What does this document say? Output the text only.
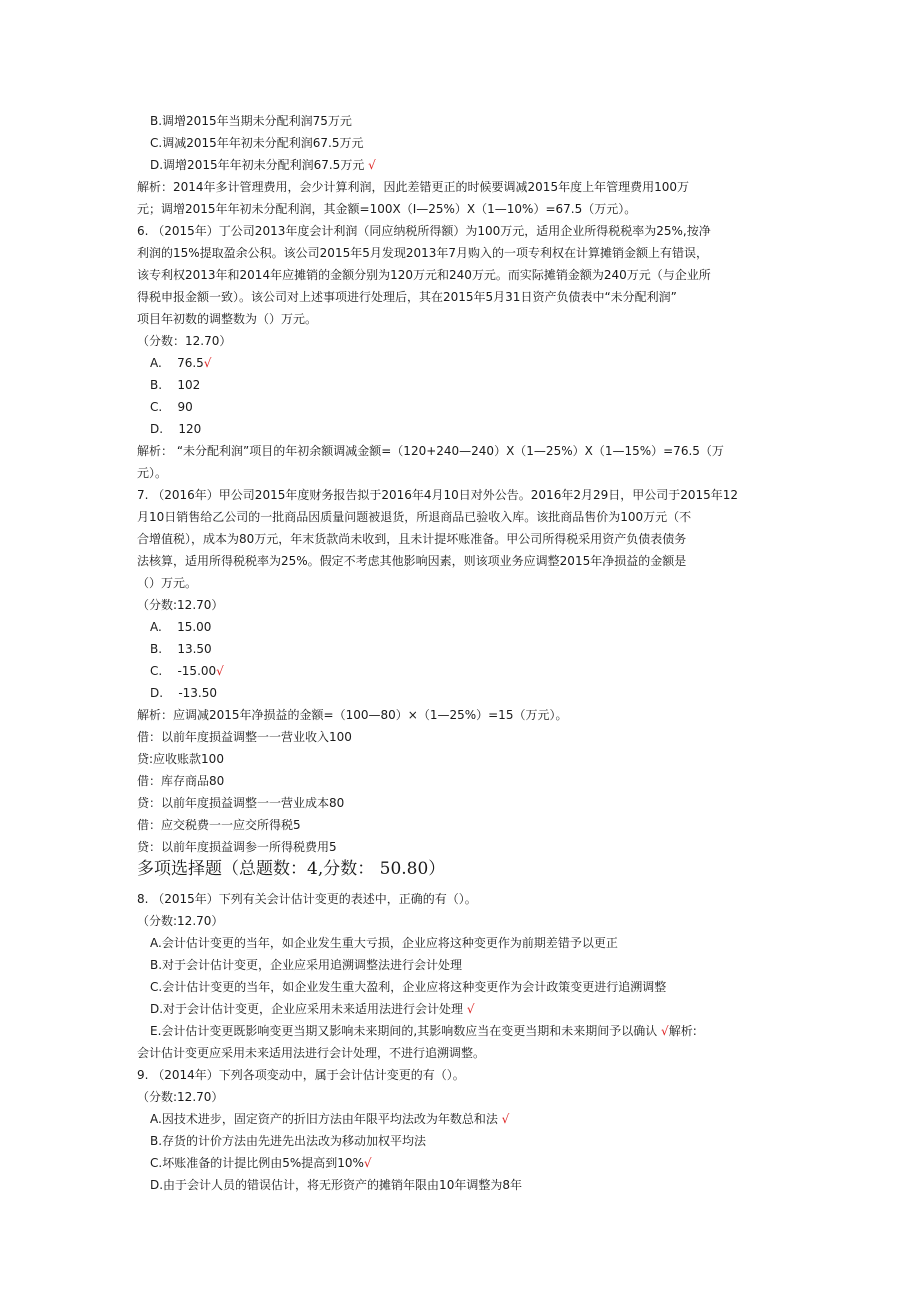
B.调增2015年当期未分配利润75万元
C.调减2015年年初未分配利润67.5万元
D.调增2015年年初未分配利润67.5万元 √
解析：2014年多计管理费用，会少计算利润，因此差错更正的时候要调减2015年度上年管理费用100万
元；调增2015年年初未分配利润，其金额=100X（I—25%）X（1—10%）=67.5（万元）。
6. （2015年）丁公司2013年度会计利润（同应纳税所得额）为100万元，适用企业所得税税率为25%,按净
利润的15%提取盈余公积。该公司2015年5月发现2013年7月购入的一项专利权在计算摊销金额上有错误，
该专利权2013年和2014年应摊销的金额分别为120万元和240万元。而实际摊销金额为240万元（与企业所
得税申报金额一致）。该公司对上述事项进行处理后，其在2015年5月31日资产负债表中“未分配利润”
项目年初数的调整数为（）万元。
（分数：12.70）
A. 76.5√
B. 102
C. 90
D. 120
解析： “未分配利润”项目的年初余额调减金额=（120+240—240）X（1—25%）X（1—15%）=76.5（万
元）。
7. （2016年）甲公司2015年度财务报告拟于2016年4月10日对外公告。2016年2月29日，甲公司于2015年12
月10日销售给乙公司的一批商品因质量问题被退货，所退商品已验收入库。该批商品售价为100万元（不
合增值税），成本为80万元，年末货款尚未收到，且未计提坏账准备。甲公司所得税采用资产负债表债务
法核算，适用所得税税率为25%。假定不考虑其他影响因素，则该项业务应调整2015年净损益的金额是
（）万元。
（分数:12.70）
A. 15.00
B. 13.50
C. -15.00√
D. -13.50
解析：应调减2015年净损益的金额=（100—80）×（1—25%）=15（万元）。
借：以前年度损益调整一一营业收入100
贷:应收账款100
借：库存商品80
贷：以前年度损益调整一一营业成本80
借：应交税费一一应交所得税5
贷：以前年度损益调参一所得税费用5
多项选择题（总题数：4,分数： 50.80）
8. （2015年）下列有关会计估计变更的表述中，正确的有（）。
（分数:12.70）
A.会计估计变更的当年，如企业发生重大亏损，企业应将这种变更作为前期差错予以更正
B.对于会计估计变更，企业应采用追溯调整法进行会计处理
C.会计估计变更的当年，如企业发生重大盈利，企业应将这种变更作为会计政策变更进行追溯调整
D.对于会计估计变更，企业应采用未来适用法进行会计处理 √
E.会计估计变更既影响变更当期又影响未来期间的,其影响数应当在变更当期和未来期间予以确认 √解析:
会计估计变更应采用未来适用法进行会计处理，不进行追溯调整。
9. （2014年）下列各项变动中，属于会计估计变更的有（）。
（分数:12.70）
A.因技术进步，固定资产的折旧方法由年限平均法改为年数总和法 √
B.存货的计价方法由先进先出法改为移动加权平均法
C.坏账准备的计提比例由5%提高到10%√
D.由于会计人员的错误估计，将无形资产的摊销年限由10年调整为8年
